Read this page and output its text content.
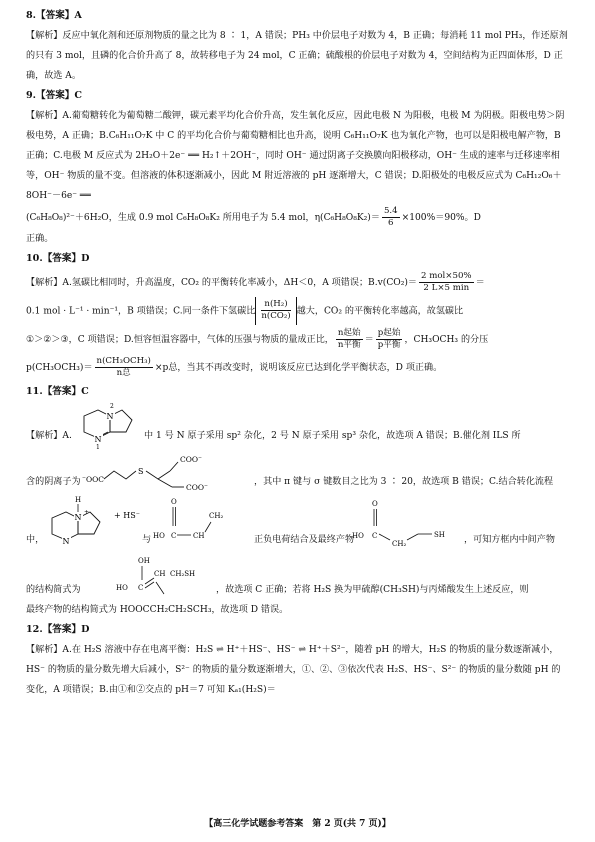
8.【答案】A
【解析】反应中氧化剂和还原剂物质的量之比为 8 ∶ 1，A 错误；PH₃ 中价层电子对数为 4，B 正确；每消耗 11 mol PH₃，作还原剂的只有 3 mol，且磷的化合价升高了 8，故转移电子为 24 mol，C 正确；硫酸根的价层电子对数为 4，空间结构为正四面体形，D 正确，故选 A。
9.【答案】C
【解析】A.葡萄糖转化为葡萄糖二酸钾，碳元素平均化合价升高，发生氧化反应，因此电极 N 为阳极，电极 M 为阴极。阳极电势＞阴极电势，A 正确；B.C₆H₁₁O₇K 中 C 的平均化合价与葡萄糖相比也升高，说明 C₆H₁₁O₇K 也为氧化产物，也可以是阳极电解产物，B 正确；C.电极 M 反应式为 2H₂O＋2e⁻ ══ H₂↑＋2OH⁻，同时 OH⁻ 通过阴离子交换膜向阳极移动，OH⁻ 生成的速率与迁移速率相等，OH⁻ 物质的量不变。但溶液的体积逐渐减小，因此 M 附近溶液的 pH 逐渐增大，C 错误；D.阳极处的电极反应式为 C₆H₁₂O₆＋8OH⁻－6e⁻ ══
(C₆H₈O₈)²⁻＋6H₂O，生成 0.9 mol C₆H₈O₈K₂ 所用电子为 5.4 mol，$\eta(C_6H_8O_8K_2)= \frac{5.4}{6} \times 100\%=90\%$。D
正确。
10.【答案】D
【解析】A.氢碳比相同时，升高温度，CO₂ 的平衡转化率减小，ΔH＜0，A 项错误；$B.v(CO_2)= \frac{\text{2 mol×50\%}}{2 L\times 5 \min}$ ＝
0.1 mol · L⁻¹ · min⁻¹，B 项错误；C.同一条件下氢碳比 $\frac{\text{n(H₂)}}{\text{n(CO₂)}}$ 越大，CO₂ 的平衡转化率越高，故氢碳比
①＞②＞③，C 项错误；D.恒容恒温容器中，气体的压强与物质的量成正比， $\frac{\text{n起始}}{\text{n平衡}} = \frac{\text{p起始}}{\text{p平衡}}$ ，CH₃OCH₃ 的分压
$p(CH_3OCH_3)= \frac{\text{n(CH₃OCH₃)}}{\text{n总}} \times p$总，当其不再改变时，说明该反应已达到化学平衡状态，D 项正确。
11.【答案】C
【解析】A.
N
2
N
1
中 1 号 N 原子采用 sp² 杂化，2 号 N 原子采用 sp³ 杂化，故选项 A 错误；B.催化剂 ILS 所
含的阴离子为 ⁻OOC
S
COO⁻
COO⁻
，其中 π 键与 σ 键数目之比为 3 ∶ 20，故选项 B 错误；C.结合转化流程
N
+
H
N
+ HS⁻
中，	与
O
HO C CH
CH₂
正负电荷结合及最终产物
O
HO C
CH₂
SH ，可知方框内中间产物
的结构简式为
OH
HO C
CH CH₂SH
，故选项 C 正确；若将 H₂S 换为甲硫醇(CH₃SH)与丙烯酸发生上述反应，则
最终产物的结构简式为 HOOCCH₂CH₂SCH₃，故选项 D 错误。
12.【答案】D
【解析】A.在 H₂S 溶液中存在电离平衡：H₂S ⇌ H⁺＋HS⁻、HS⁻ ⇌ H⁺＋S²⁻，随着 pH 的增大，H₂S 的物质的量分数逐渐减小，HS⁻ 的物质的量分数先增大后减小，S²⁻ 的物质的量分数逐渐增大，①、②、③依次代表 H₂S、HS⁻、S²⁻ 的物质的量分数随 pH 的变化，A 项错误；B.由①和②交点的 pH＝7 可知 Kₐ₁(H₂S)＝
【高三化学试题参考答案　第 2 页(共 7 页)】
